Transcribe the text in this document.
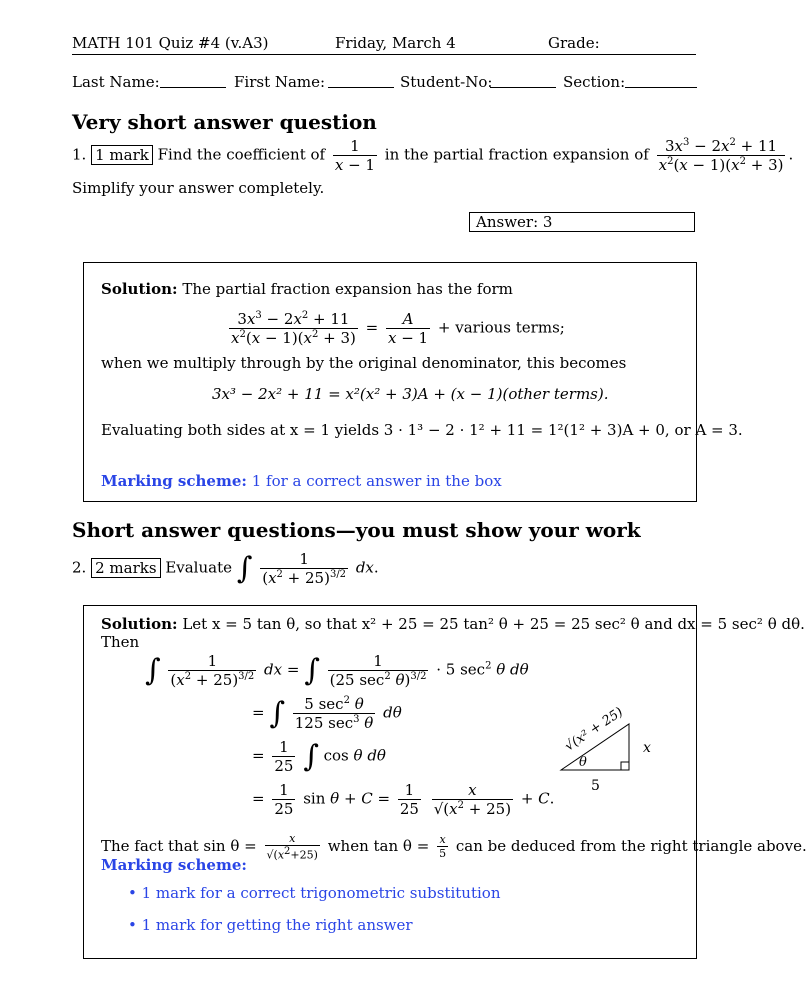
MATH 101 Quiz #4 (v.A3)	Friday, March 4	Grade:
Last Name:	First Name:	Student-No:	Section:
Very short answer question
1. 1 mark Find the coefficient of $\frac{1}{x - 1}$ in the partial fraction expansion of $\frac{3x^3 - 2x^2 + 11}{x^2(x - 1)(x^2 + 3)}$ .
Simplify your answer completely.
Answer: 3
Solution: The partial fraction expansion has the form
$\frac{3x^3 - 2x^2 + 11}{x^2(x - 1)(x^2 + 3)} = \frac{A}{x - 1}$ + various terms;
when we multiply through by the original denominator, this becomes
3x³ − 2x² + 11 = x²(x² + 3)A + (x − 1)(other terms).
Evaluating both sides at x = 1 yields 3 · 1³ − 2 · 1² + 11 = 1²(1² + 3)A + 0, or A = 3.
Marking scheme: 1 for a correct answer in the box
Short answer questions—you must show your work
2. 2 marks Evaluate ∫ $\frac{1}{(x^2 + 25)^{3/2}}$ dx.
Solution: Let x = 5 tan θ, so that x² + 25 = 25 tan² θ + 25 = 25 sec² θ and dx = 5 sec² θ dθ.
Then
∫ $\frac{1}{(x^2 + 25)^{3/2}}$ dx = ∫ $\frac{1}{(25 \sec^2 \theta)^{3/2}} \cdot 5$ $\sec^2 \theta$ dθ
= ∫ $\frac{5 \sec^2 \theta}{125 \sec^3 \theta}$ dθ
= $\frac{1}{25}$ ∫ cos θ dθ
= $\frac{1}{25}$ $\sin \theta + C = \frac{1}{25}$
$\frac{x}{√(x^2 + 25)} + C$.
√(x² + 25) x
5
θ
The fact that $\sin \theta = \frac{x}{√(x^2+25)}$ when $\tan \theta = \frac{x}{5}$ can be deduced from the right triangle above.
Marking scheme:
• 1 mark for a correct trigonometric substitution
• 1 mark for getting the right answer
